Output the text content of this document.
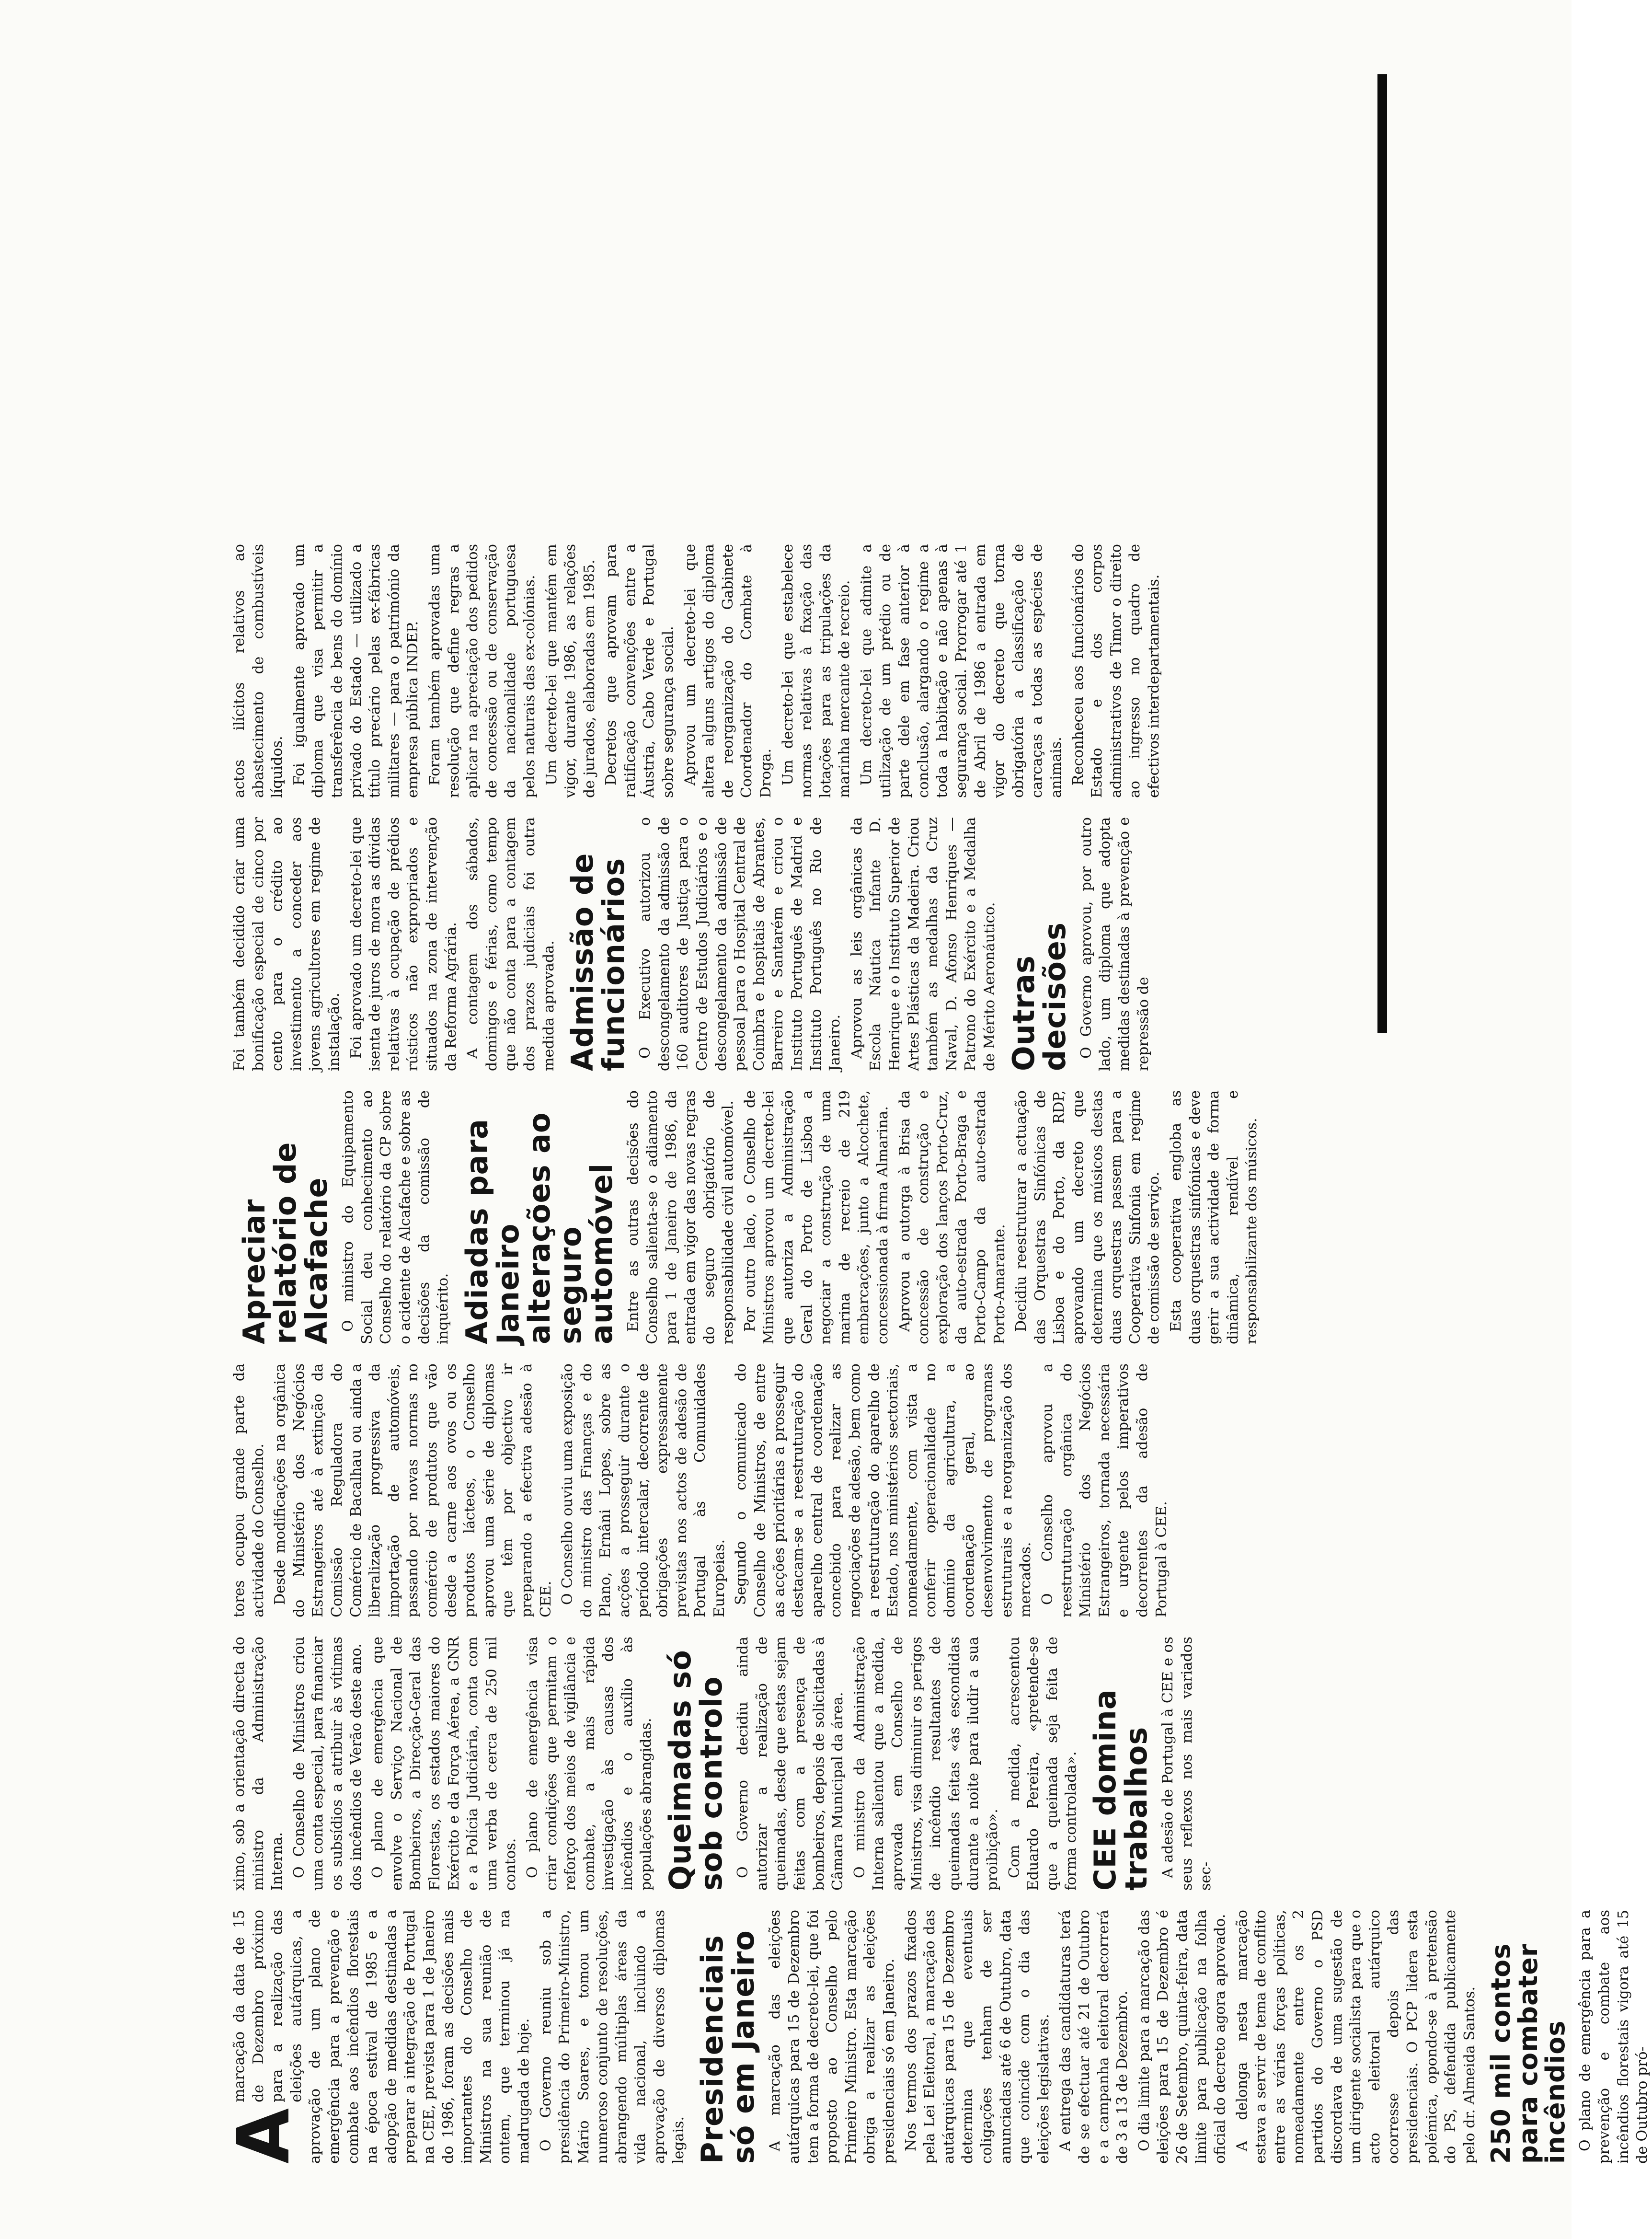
A

marcação da data de 15 de Dezembro próximo para a realização das eleições autárquicas, a aprovação de um plano de emergência para a prevenção e combate aos incêndios florestais na época estival de 1985 e a adopção de medidas destinadas a preparar a integração de Portugal na CEE, prevista para 1 de Janeiro do 1986, foram as decisões mais importantes do Conselho de Ministros na sua reunião de ontem, que terminou já na madrugada de hoje. O Governo reuniu sob a presidência do Primeiro-Ministro, Mário Soares, e tomou um numeroso conjunto de resoluções, abrangendo múltiplas áreas da vida nacional, incluindo a aprovação de diversos diplomas legais. Presidenciais só em Janeiro A marcação das eleições autárquicas para 15 de Dezembro tem a forma de decreto-lei, que foi proposto ao Conselho pelo Primeiro Ministro. Esta marcação obriga a realizar as eleições presidenciais só em Janeiro. Nos termos dos prazos fixados pela Lei Eleitoral, a marcação das autárquicas para 15 de Dezembro determina que eventuais coligações tenham de ser anunciadas até 6 de Outubro, data que coincide com o dia das eleições legislativas. A entrega das candidaturas terá de se efectuar até 21 de Outubro e a campanha eleitoral decorrerá de 3 a 13 de Dezembro. O dia limite para a marcação das eleições para 15 de Dezembro é 26 de Setembro, quinta-feira, data limite para publicação na folha oficial do decreto agora aprovado. A delonga nesta marcação estava a servir de tema de conflito entre as várias forças políticas, nomeadamente entre os 2 partidos do Governo o PSD discordava de uma sugestão de um dirigente socialista para que o acto eleitoral autárquico ocorresse depois das presidenciais. O PCP lidera esta polémica, opondo-se à pretensão do PS, defendida publicamente pelo dr. Almeida Santos. 250 mil contos para combater incêndios O plano de emergência para a prevenção e combate aos incêndios florestais vigora até 15 de Outubro pró-

ximo, sob a orientação directa do ministro da Administração Interna. O Conselho de Ministros criou uma conta especial, para financiar os subsídios a atribuir às vítimas dos incêndios de Verão deste ano. O plano de emergência que envolve o Serviço Nacional de Bombeiros, a Direcção-Geral das Florestas, os estados maiores do Exército e da Força Aérea, a GNR e a Polícia Judiciária, conta com uma verba de cerca de 250 mil contos. O plano de emergência visa criar condições que permitam o reforço dos meios de vigilância e combate, a mais rápida investigação às causas dos incêndios e o auxílio às populações abrangidas. Queimadas só sob controlo O Governo decidiu ainda autorizar a realização de queimadas, desde que estas sejam feitas com a presença de bombeiros, depois de solicitadas à Câmara Municipal da área. O ministro da Administração Interna salientou que a medida, aprovada em Conselho de Ministros, visa diminuir os perigos de incêndio resultantes de queimadas feitas «às escondidas durante a noite para iludir a sua proibição». Com a medida, acrescentou Eduardo Pereira, «pretende-se que a queimada seja feita de forma controlada». CEE domina trabalhos A adesão de Portugal à CEE e os seus reflexos nos mais variados sec-

tores ocupou grande parte da actividade do Conselho. Desde modificações na orgânica do Ministério dos Negócios Estrangeiros até à extinção da Comissão Reguladora do Comércio de Bacalhau ou ainda a liberalização progressiva da importação de automóveis, passando por novas normas no comércio de produtos que vão desde a carne aos ovos ou os produtos lácteos, o Conselho aprovou uma série de diplomas que têm por objectivo ir preparando a efectiva adesão à CEE. O Conselho ouviu uma exposição do ministro das Finanças e do Plano, Ernâni Lopes, sobre as acções a prosseguir durante o período intercalar, decorrente de obrigações expressamente previstas nos actos de adesão de Portugal às Comunidades Europeias. Segundo o comunicado do Conselho de Ministros, de entre as acções prioritárias a prosseguir destacam-se a reestruturação do aparelho central de coordenação concebido para realizar as negociações de adesão, bem como a reestruturação do aparelho de Estado, nos ministérios sectoriais, nomeadamente, com vista a conferir operacionalidade no domínio da agricultura, a coordenação geral, ao desenvolvimento de programas estruturais e a reorganização dos mercados. O Conselho aprovou a reestruturação orgânica do Ministério dos Negócios Estrangeiros, tornada necessária e urgente pelos imperativos decorrentes da adesão de Portugal à CEE.

Apreciar relatório de Alcafache O ministro do Equipamento Social deu conhecimento ao Conselho do relatório da CP sobre o acidente de Alcafache e sobre as decisões da comissão de inquérito. Adiadas para Janeiro alterações ao seguro automóvel Entre as outras decisões do Conselho salienta-se o adiamento para 1 de Janeiro de 1986, da entrada em vigor das novas regras do seguro obrigatório de responsabilidade civil automóvel. Por outro lado, o Conselho de Ministros aprovou um decreto-lei que autoriza a Administração Geral do Porto de Lisboa a negociar a construção de uma marina de recreio de 219 embarcações, junto a Alcochete, concessionada à firma Almarina. Aprovou a outorga à Brisa da concessão de construção e exploração dos lanços Porto-Cruz, da auto-estrada Porto-Braga e Porto-Campo da auto-estrada Porto-Amarante. Decidiu reestruturar a actuação das Orquestras Sinfónicas de Lisboa e do Porto, da RDP, aprovando um decreto que determina que os músicos destas duas orquestras passem para a Cooperativa Sinfonia em regime de comissão de serviço. Esta cooperativa engloba as duas orquestras sinfónicas e deve gerir a sua actividade de forma dinâmica, rendível e responsabilizante dos músicos.

Foi também decidido criar uma bonificação especial de cinco por cento para o crédito ao investimento a conceder aos jovens agricultores em regime de instalação. Foi aprovado um decreto-lei que isenta de juros de mora as dívidas relativas à ocupação de prédios rústicos não expropriados e situados na zona de intervenção da Reforma Agrária. A contagem dos sábados, domingos e férias, como tempo que não conta para a contagem dos prazos judiciais foi outra medida aprovada. Admissão de funcionários O Executivo autorizou o descongelamento da admissão de 160 auditores de Justiça para o Centro de Estudos Judiciários e o descongelamento da admissão de pessoal para o Hospital Central de Coimbra e hospitais de Abrantes, Barreiro e Santarém e criou o Instituto Português de Madrid e Instituto Português no Rio de Janeiro. Aprovou as leis orgânicas da Escola Náutica Infante D. Henrique e o Instituto Superior de Artes Plásticas da Madeira. Criou também as medalhas da Cruz Naval, D. Afonso Henriques — Patrono do Exército e a Medalha de Mérito Aeronáutico. Outras decisões O Governo aprovou, por outro lado, um diploma que adopta medidas destinadas à prevenção e repressão de

actos ilícitos relativos ao abastecimento de combustíveis líquidos. Foi igualmente aprovado um diploma que visa permitir a transferência de bens do domínio privado do Estado — utilizado a título precário pelas ex-fábricas militares — para o património da empresa pública INDEP. Foram também aprovadas uma resolução que define regras a aplicar na apreciação dos pedidos de concessão ou de conservação da nacionalidade portuguesa pelos naturais das ex-colónias. Um decreto-lei que mantém em vigor, durante 1986, as relações de jurados, elaboradas em 1985. Decretos que aprovam para ratificação convenções entre a Áustria, Cabo Verde e Portugal sobre segurança social. Aprovou um decreto-lei que altera alguns artigos do diploma de reorganização do Gabinete Coordenador do Combate à Droga. Um decreto-lei que estabelece normas relativas à fixação das lotações para as tripulações da marinha mercante de recreio. Um decreto-lei que admite a utilização de um prédio ou de parte dele em fase anterior à conclusão, alargando o regime a toda a habitação e não apenas à segurança social. Prorrogar até 1 de Abril de 1986 a entrada em vigor do decreto que torna obrigatória a classificação de carcaças a todas as espécies de animais. Reconheceu aos funcionários do Estado e dos corpos administrativos de Timor o direito ao ingresso no quadro de efectivos interdepartamentais.
